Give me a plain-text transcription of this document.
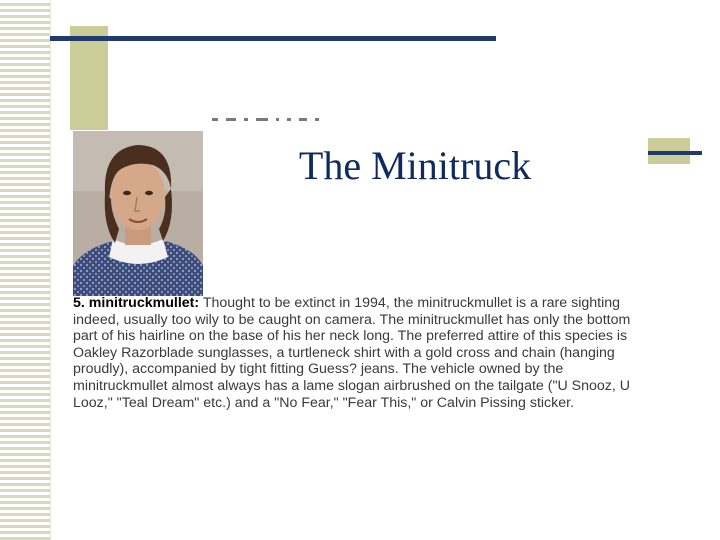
The Minitruck

5. minitruckmullet: Thought to be extinct in 1994, the minitruckmullet is a rare sighting indeed, usually too wily to be caught on camera. The minitruckmullet has only the bottom part of his hairline on the base of his her neck long. The preferred attire of this species is Oakley Razorblade sunglasses, a turtleneck shirt with a gold cross and chain (hanging proudly), accompanied by tight fitting Guess? jeans. The vehicle owned by the minitruckmullet almost always has a lame slogan airbrushed on the tailgate ("U Snooz, U Looz," "Teal Dream" etc.) and a "No Fear," "Fear This," or Calvin Pissing sticker.
